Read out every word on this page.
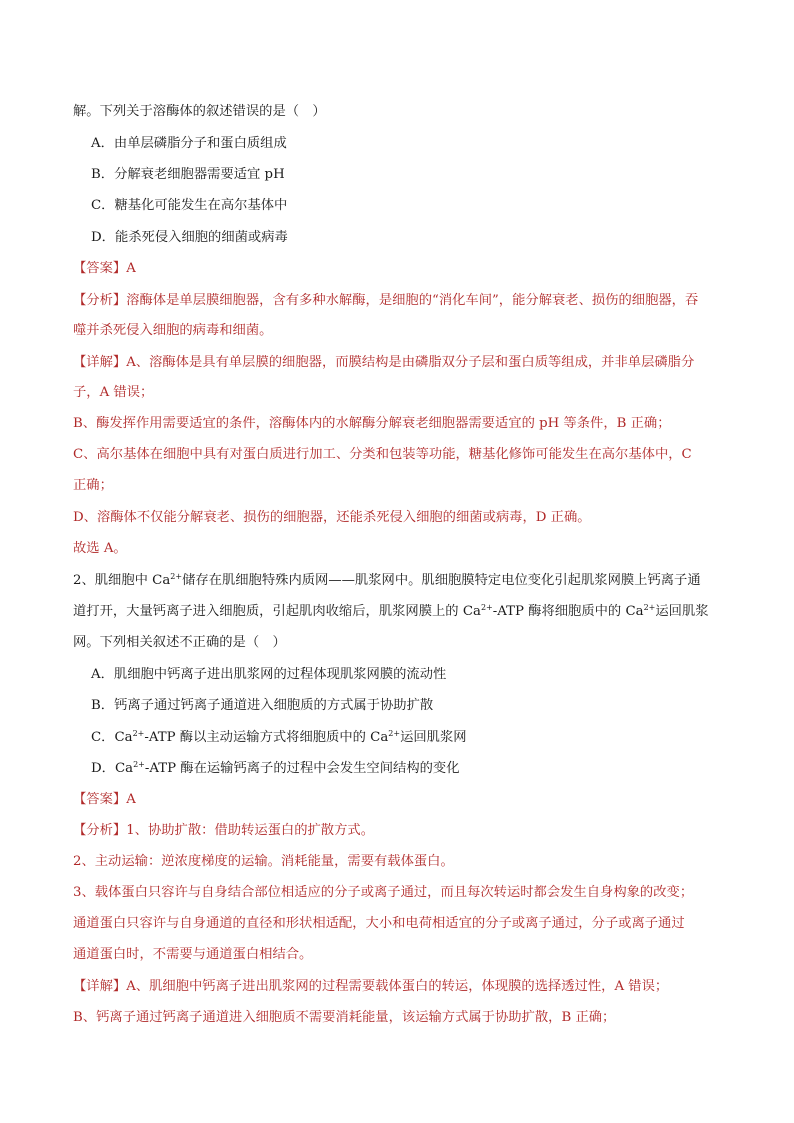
解。下列关于溶酶体的叙述错误的是（　）
A．由单层磷脂分子和蛋白质组成
B．分解衰老细胞器需要适宜 pH
C．糖基化可能发生在高尔基体中
D．能杀死侵入细胞的细菌或病毒
【答案】A
【分析】溶酶体是单层膜细胞器，含有多种水解酶，是细胞的“消化车间”，能分解衰老、损伤的细胞器，吞
噬并杀死侵入细胞的病毒和细菌。
【详解】A、溶酶体是具有单层膜的细胞器，而膜结构是由磷脂双分子层和蛋白质等组成，并非单层磷脂分
子，A 错误；
B、酶发挥作用需要适宜的条件，溶酶体内的水解酶分解衰老细胞器需要适宜的 pH 等条件，B 正确；
C、高尔基体在细胞中具有对蛋白质进行加工、分类和包装等功能，糖基化修饰可能发生在高尔基体中，C
正确；
D、溶酶体不仅能分解衰老、损伤的细胞器，还能杀死侵入细胞的细菌或病毒，D 正确。
故选 A。
2、肌细胞中 $Ca^{2+}$储存在肌细胞特殊内质网——肌浆网中。肌细胞膜特定电位变化引起肌浆网膜上钙离子通
道打开，大量钙离子进入细胞质，引起肌肉收缩后，肌浆网膜上的 $Ca^{2+}$-ATP 酶将细胞质中的 $Ca^{2+}$运回肌浆
网。下列相关叙述不正确的是（　）
A．肌细胞中钙离子进出肌浆网的过程体现肌浆网膜的流动性
B．钙离子通过钙离子通道进入细胞质的方式属于协助扩散
C．$Ca^{2+}$-ATP 酶以主动运输方式将细胞质中的 $Ca^{2+}$运回肌浆网
D．$Ca^{2+}$-ATP 酶在运输钙离子的过程中会发生空间结构的变化
【答案】A
【分析】1、协助扩散：借助转运蛋白的扩散方式。
2、主动运输：逆浓度梯度的运输。消耗能量，需要有载体蛋白。
3、载体蛋白只容许与自身结合部位相适应的分子或离子通过，而且每次转运时都会发生自身构象的改变；
通道蛋白只容许与自身通道的直径和形状相适配，大小和电荷相适宜的分子或离子通过，分子或离子通过
通道蛋白时，不需要与通道蛋白相结合。
【详解】A、肌细胞中钙离子进出肌浆网的过程需要载体蛋白的转运，体现膜的选择透过性，A 错误；
B、钙离子通过钙离子通道进入细胞质不需要消耗能量，该运输方式属于协助扩散，B 正确；
